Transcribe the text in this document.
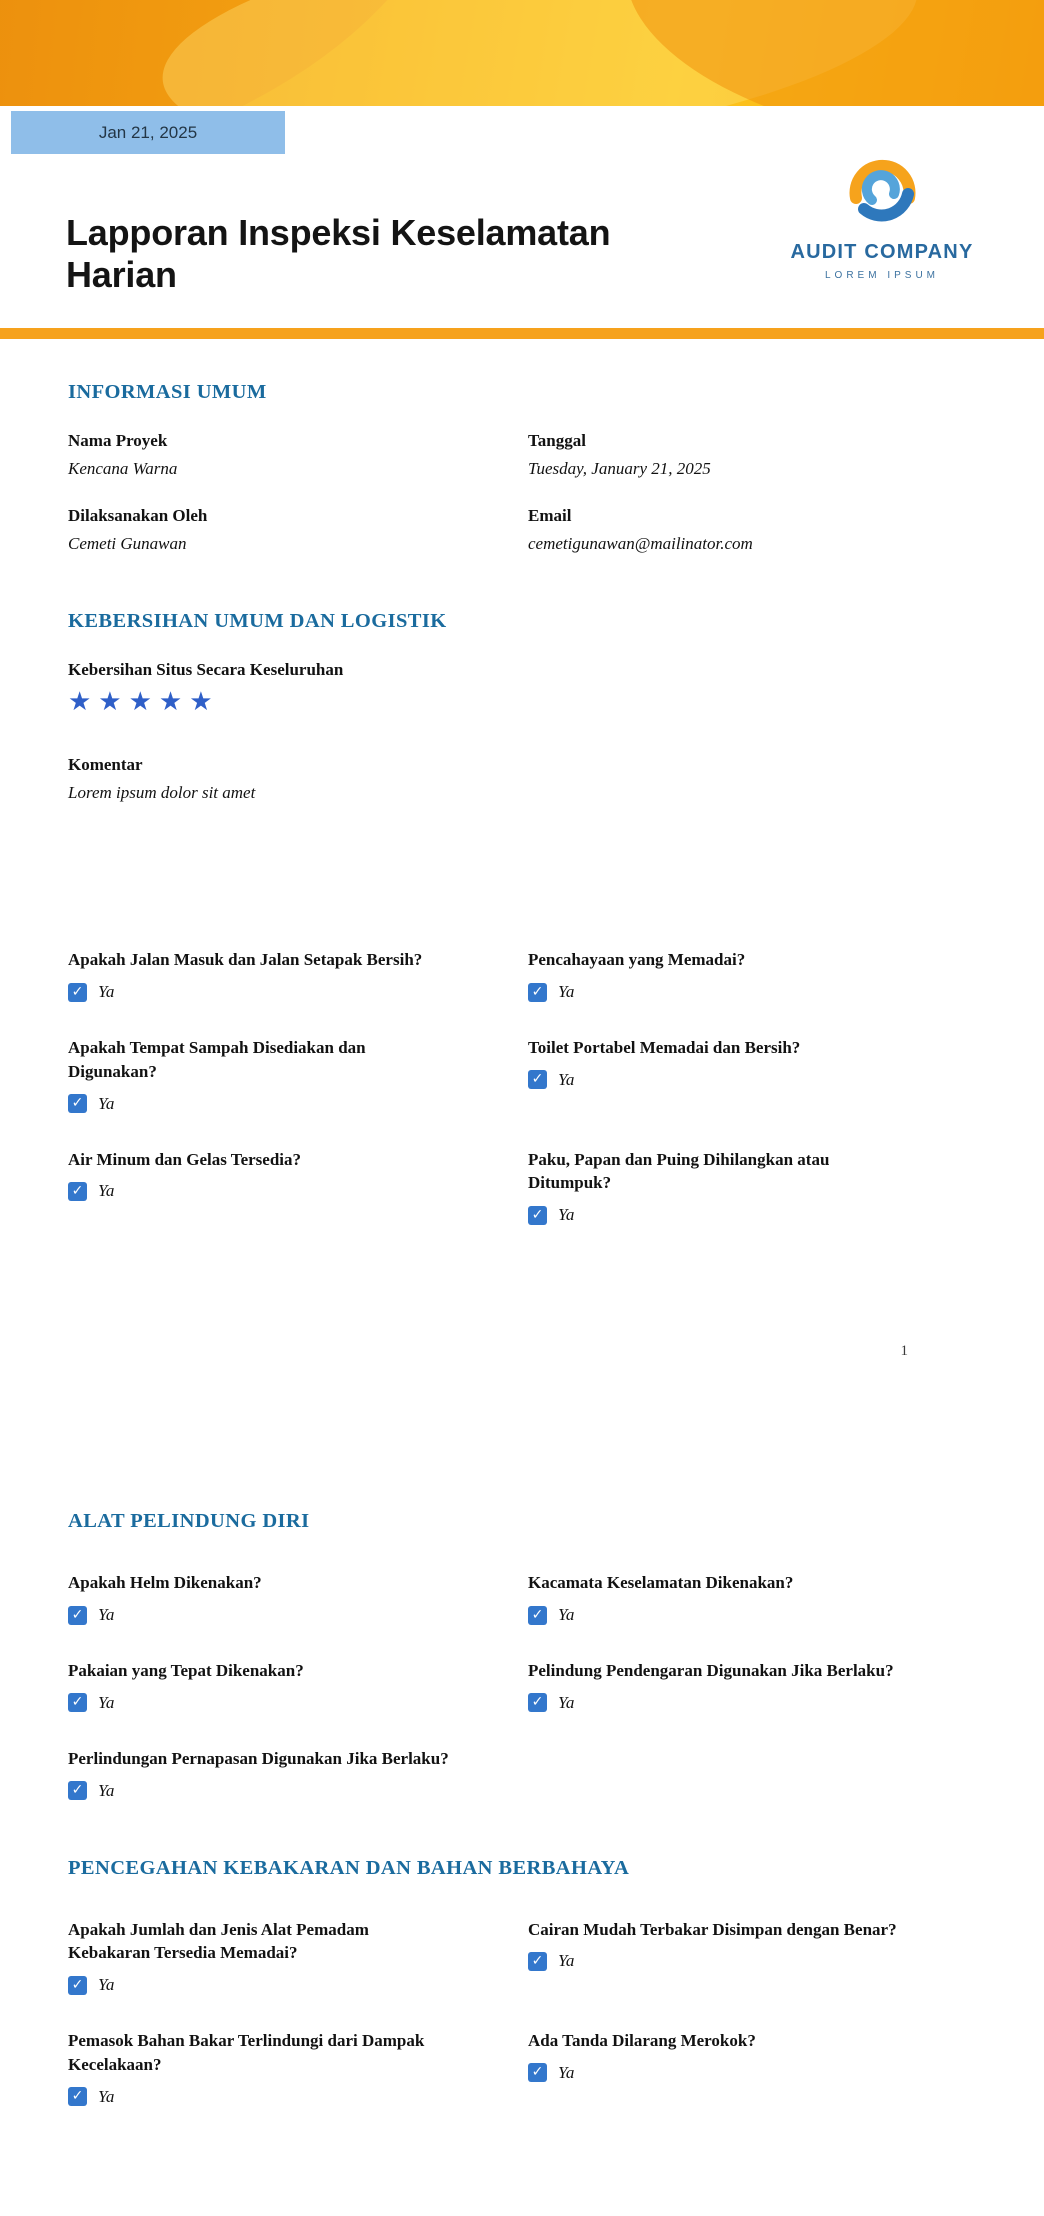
Jan 21, 2025
Lapporan Inspeksi Keselamatan Harian
AUDIT COMPANY
LOREM IPSUM
INFORMASI UMUM
Nama Proyek
Kencana Warna
Tanggal
Tuesday, January 21, 2025
Dilaksanakan Oleh
Cemeti Gunawan
Email
cemetigunawan@mailinator.com
KEBERSIHAN UMUM DAN LOGISTIK
Kebersihan Situs Secara Keseluruhan
★★★★★
Komentar
Lorem ipsum dolor sit amet
Apakah Jalan Masuk dan Jalan Setapak Bersih?
✓ Ya
Pencahayaan yang Memadai?
✓ Ya
Apakah Tempat Sampah Disediakan dan Digunakan?
✓ Ya
Toilet Portabel Memadai dan Bersih?
✓ Ya
Air Minum dan Gelas Tersedia?
✓ Ya
Paku, Papan dan Puing Dihilangkan atau Ditumpuk?
✓ Ya
1
ALAT PELINDUNG DIRI
Apakah Helm Dikenakan?
✓ Ya
Kacamata Keselamatan Dikenakan?
✓ Ya
Pakaian yang Tepat Dikenakan?
✓ Ya
Pelindung Pendengaran Digunakan Jika Berlaku?
✓ Ya
Perlindungan Pernapasan Digunakan Jika Berlaku?
✓ Ya
PENCEGAHAN KEBAKARAN DAN BAHAN BERBAHAYA
Apakah Jumlah dan Jenis Alat Pemadam Kebakaran Tersedia Memadai?
✓ Ya
Cairan Mudah Terbakar Disimpan dengan Benar?
✓ Ya
Pemasok Bahan Bakar Terlindungi dari Dampak Kecelakaan?
✓ Ya
Ada Tanda Dilarang Merokok?
✓ Ya
